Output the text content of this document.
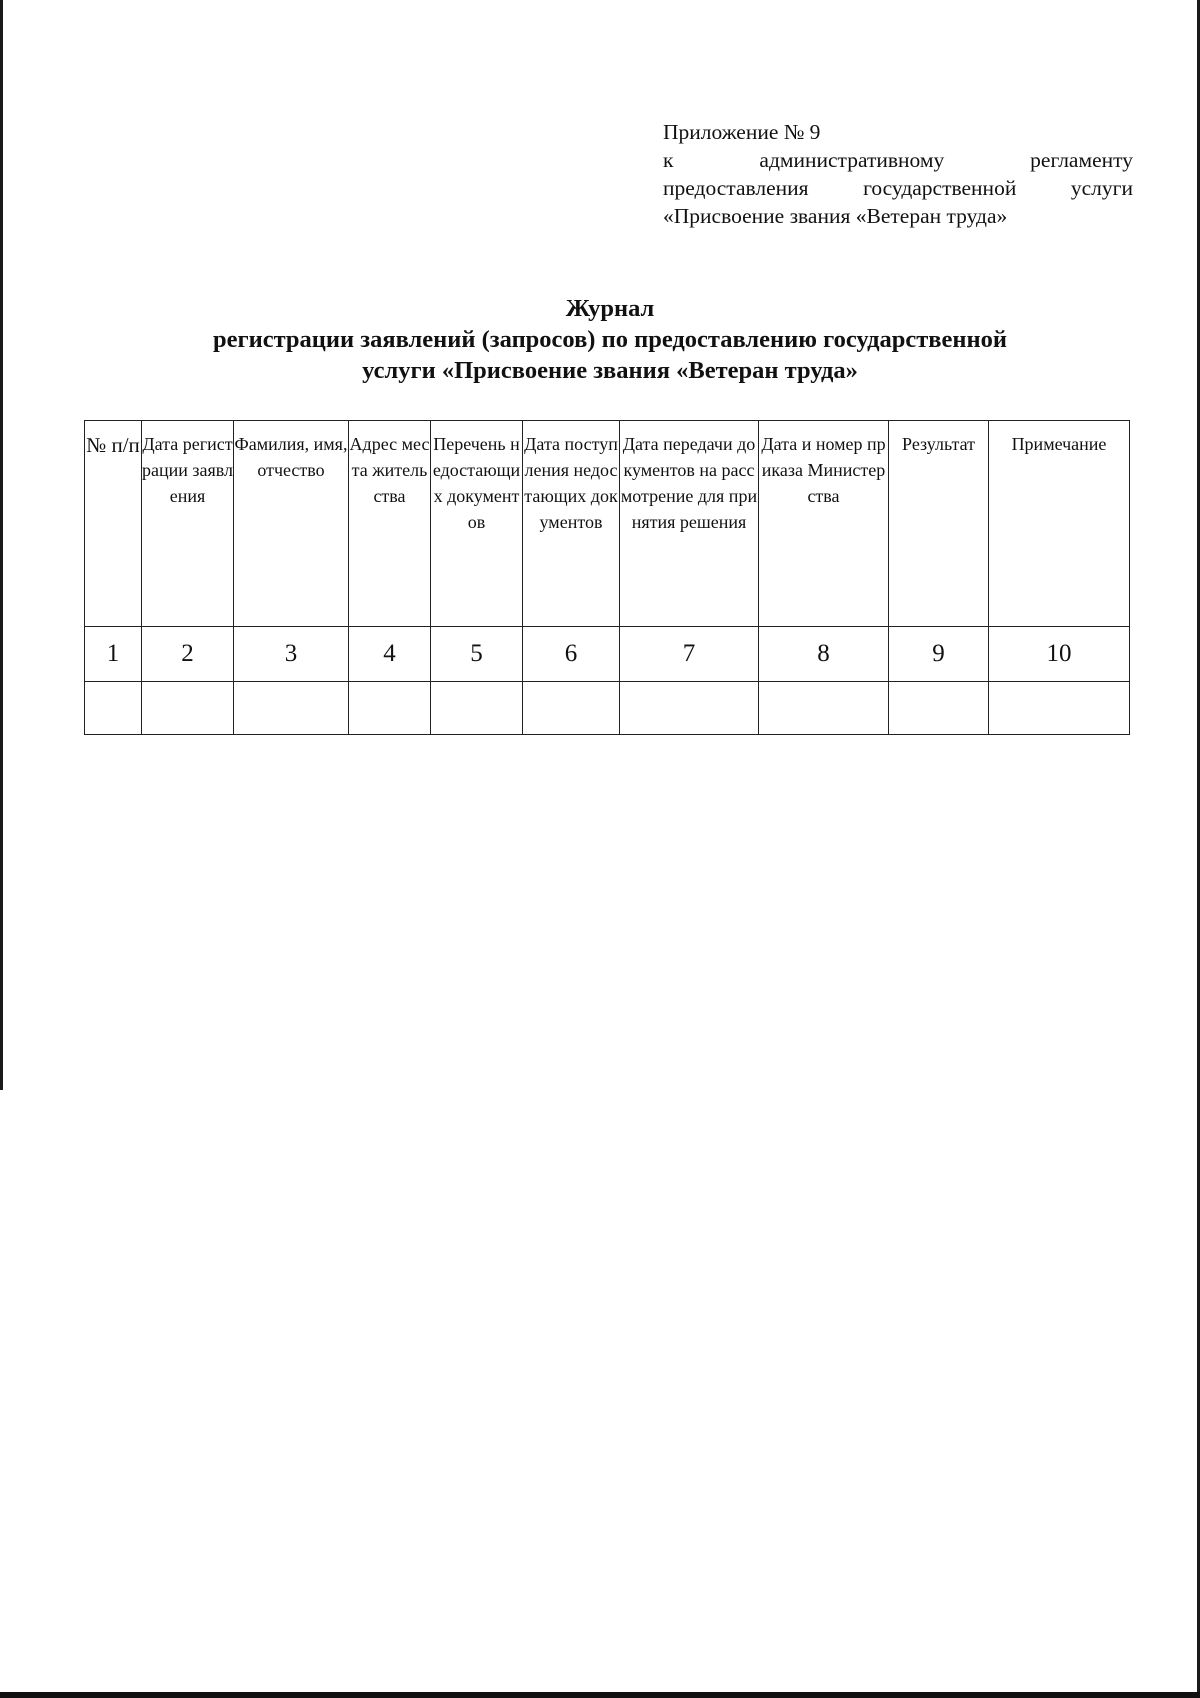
Приложение № 9
к административному регламенту
предоставления государственной услуги
«Присвоение звания «Ветеран труда»
Журнал
регистрации заявлений (запросов) по предоставлению государственной
услуги «Присвоение звания «Ветеран труда»
№ п/п	Дата регистрации заявления	Фамилия, имя, отчество	Адрес места жительства	Перечень недостающих документов	Дата поступления недостающих документов	Дата передачи документов на рассмотрение для принятия решения	Дата и номер приказа Министерства	Результат	Примечание
1	2	3	4	5	6	7	8	9	10
